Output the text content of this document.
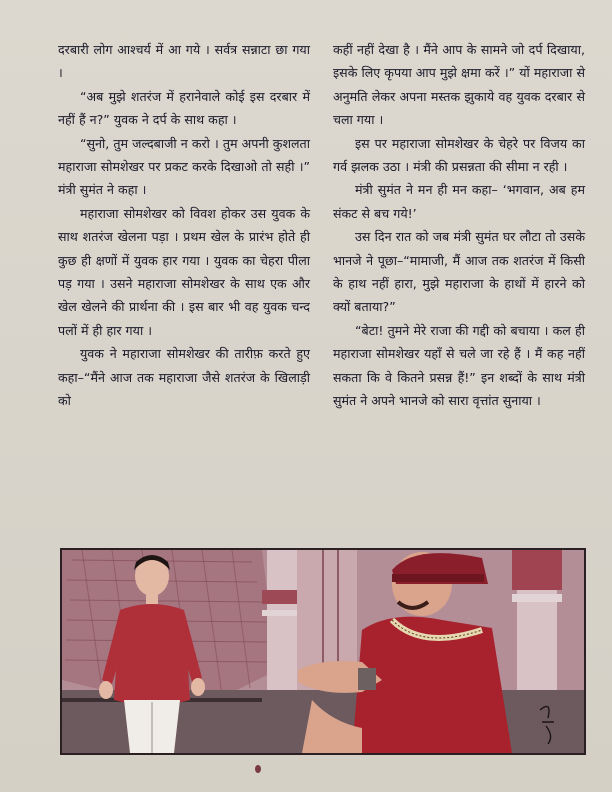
दरबारी लोग आश्चर्य में आ गये । सर्वत्र सन्नाटा छा गया ।

“अब मुझे शतरंज में हरानेवाले कोई इस दरबार में नहीं हैं न?” युवक ने दर्प के साथ कहा ।

“सुनो, तुम जल्दबाजी न करो । तुम अपनी कुशलता महाराजा सोमशेखर पर प्रकट करके दिखाओ तो सही ।” मंत्री सुमंत ने कहा ।

महाराजा सोमशेखर को विवश होकर उस युवक के साथ शतरंज खेलना पड़ा । प्रथम खेल के प्रारंभ होते ही कुछ ही क्षणों में युवक हार गया । युवक का चेहरा पीला पड़ गया । उसने महाराजा सोमशेखर के साथ एक और खेल खेलने की प्रार्थना की । इस बार भी वह युवक चन्द पलों में ही हार गया ।

युवक ने महाराजा सोमशेखर की तारीफ़ करते हुए कहा–“मैंने आज तक महाराजा जैसे शतरंज के खिलाड़ी को

कहीं नहीं देखा है । मैंने आप के सामने जो दर्प दिखाया, इसके लिए कृपया आप मुझे क्षमा करें ।” यों महाराजा से अनुमति लेकर अपना मस्तक झुकाये वह युवक दरबार से चला गया ।

इस पर महाराजा सोमशेखर के चेहरे पर विजय का गर्व झलक उठा । मंत्री की प्रसन्नता की सीमा न रही ।

मंत्री सुमंत ने मन ही मन कहा– ‘भगवान, अब हम संकट से बच गये!’

उस दिन रात को जब मंत्री सुमंत घर लौटा तो उसके भानजे ने पूछा–“मामाजी, मैं आज तक शतरंज में किसी के हाथ नहीं हारा, मुझे महाराजा के हाथों में हारने को क्यों बताया?”

“बेटा! तुमने मेरे राजा की गद्दी को बचाया । कल ही महाराजा सोमशेखर यहाँ से चले जा रहे हैं । मैं कह नहीं सकता कि वे कितने प्रसन्न हैं!” इन शब्दों के साथ मंत्री सुमंत ने अपने भानजे को सारा वृत्तांत सुनाया ।
